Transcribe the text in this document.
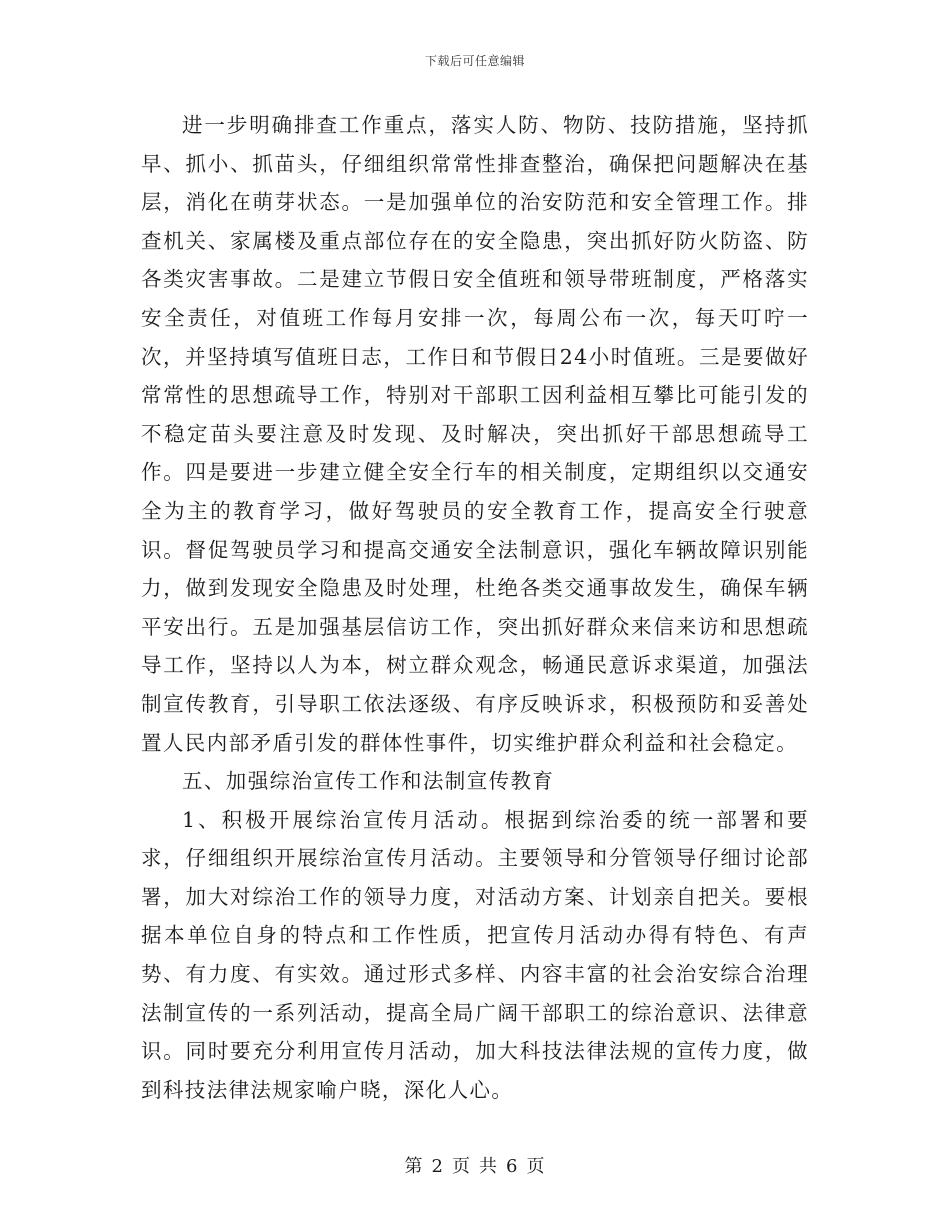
下载后可任意编辑

进一步明确排查工作重点，落实人防、物防、技防措施，坚持抓早、抓小、抓苗头，仔细组织常常性排查整治，确保把问题解决在基层，消化在萌芽状态。一是加强单位的治安防范和安全管理工作。排查机关、家属楼及重点部位存在的安全隐患，突出抓好防火防盗、防各类灾害事故。二是建立节假日安全值班和领导带班制度，严格落实安全责任，对值班工作每月安排一次，每周公布一次，每天叮咛一次，并坚持填写值班日志，工作日和节假日24小时值班。三是要做好常常性的思想疏导工作，特别对干部职工因利益相互攀比可能引发的不稳定苗头要注意及时发现、及时解决，突出抓好干部思想疏导工作。四是要进一步建立健全安全行车的相关制度，定期组织以交通安全为主的教育学习，做好驾驶员的安全教育工作，提高安全行驶意识。督促驾驶员学习和提高交通安全法制意识，强化车辆故障识别能力，做到发现安全隐患及时处理，杜绝各类交通事故发生，确保车辆平安出行。五是加强基层信访工作，突出抓好群众来信来访和思想疏导工作，坚持以人为本，树立群众观念，畅通民意诉求渠道，加强法制宣传教育，引导职工依法逐级、有序反映诉求，积极预防和妥善处置人民内部矛盾引发的群体性事件，切实维护群众利益和社会稳定。

五、加强综治宣传工作和法制宣传教育

1、积极开展综治宣传月活动。根据到综治委的统一部署和要求，仔细组织开展综治宣传月活动。主要领导和分管领导仔细讨论部署，加大对综治工作的领导力度，对活动方案、计划亲自把关。要根据本单位自身的特点和工作性质，把宣传月活动办得有特色、有声势、有力度、有实效。通过形式多样、内容丰富的社会治安综合治理法制宣传的一系列活动，提高全局广阔干部职工的综治意识、法律意识。同时要充分利用宣传月活动，加大科技法律法规的宣传力度，做到科技法律法规家喻户晓，深化人心。

第 2 页 共 6 页
